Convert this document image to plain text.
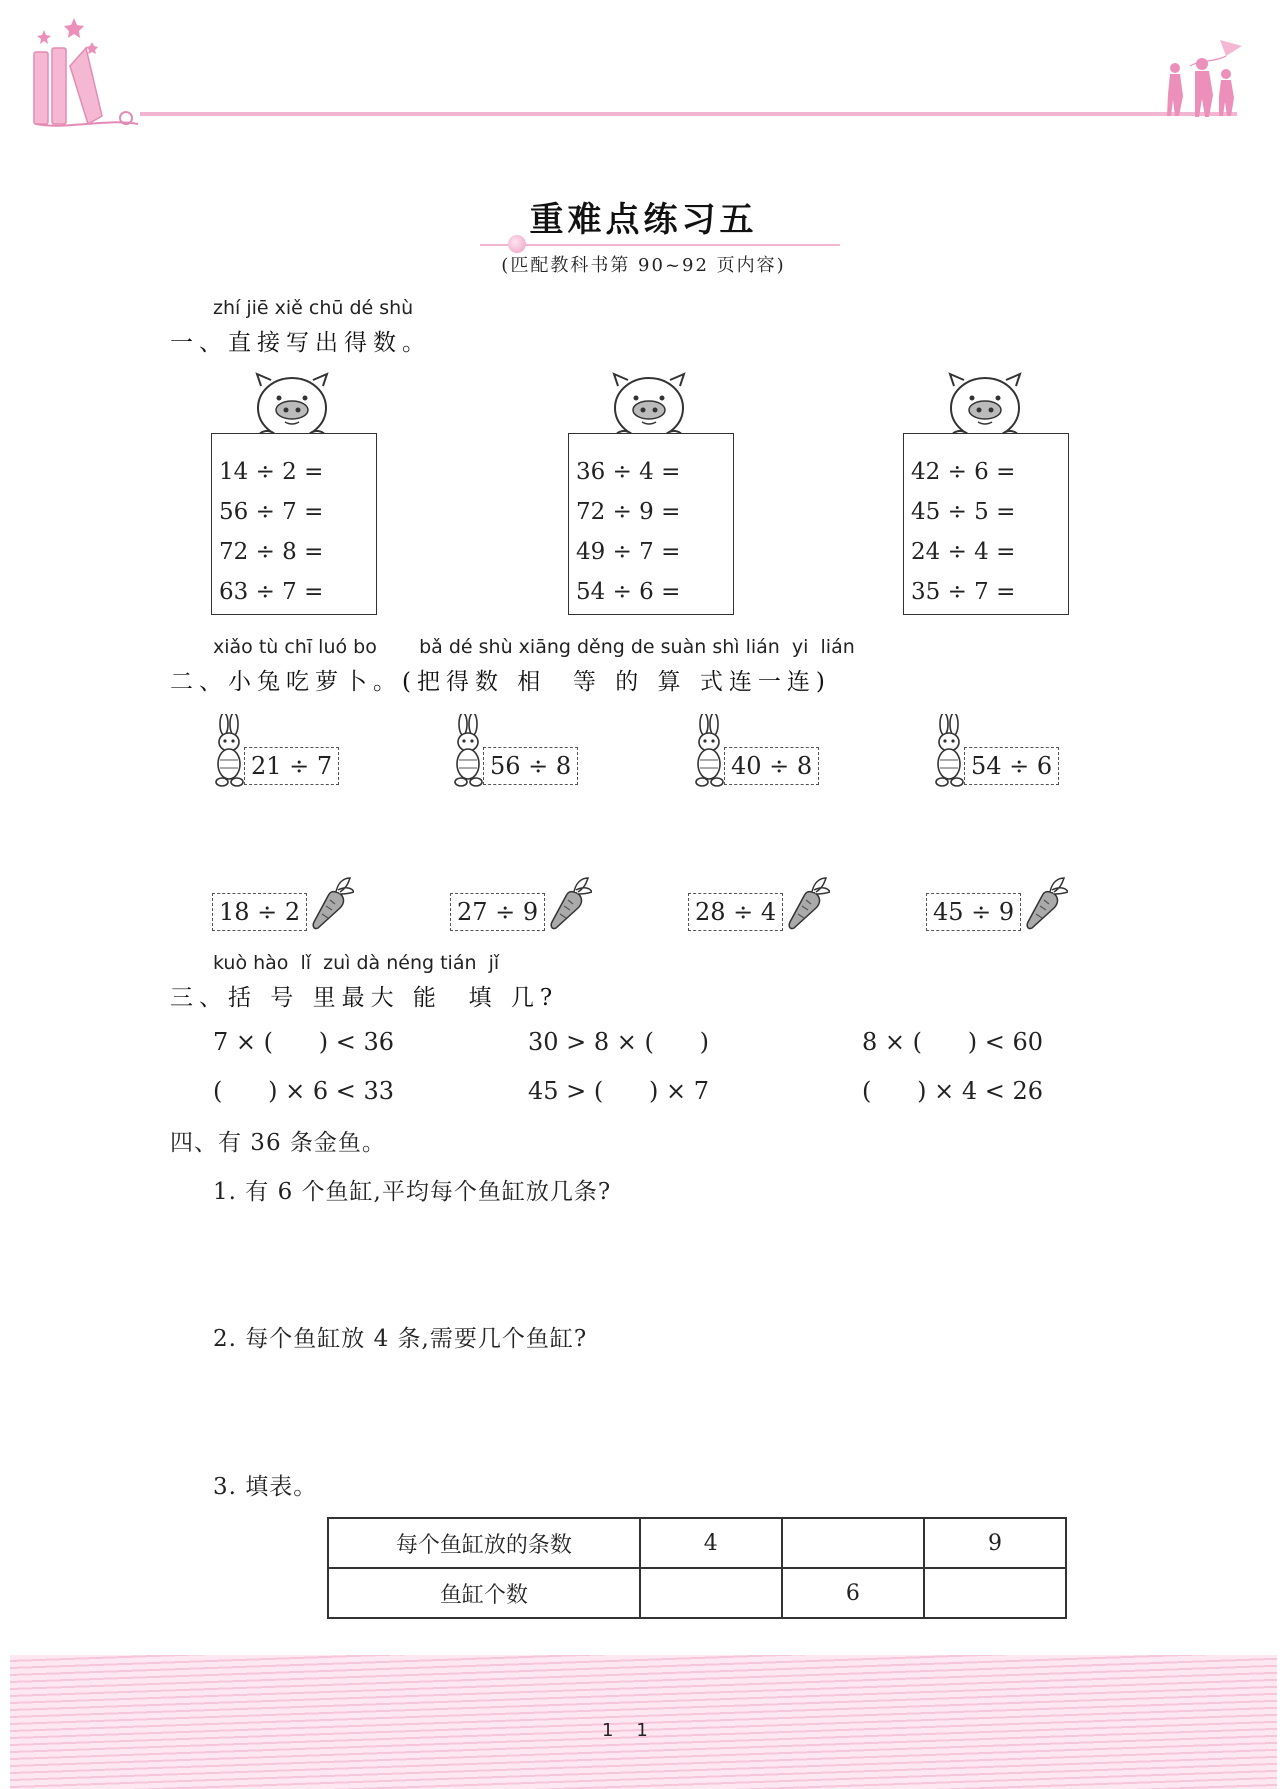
重难点练习五
(匹配教科书第 90~92 页内容)
zhí jiē xiě chū dé shù
一、直接写出得数。
14 ÷ 2 =
56 ÷ 7 =
72 ÷ 8 =
63 ÷ 7 =
36 ÷ 4 =
72 ÷ 9 =
49 ÷ 7 =
54 ÷ 6 =
42 ÷ 6 =
45 ÷ 5 =
24 ÷ 4 =
35 ÷ 7 =
xiǎo tù chī luó bo       bǎ dé shù xiāng děng de suàn shì lián  yi  lián
二、小兔吃萝卜。(把得数 相  等 的 算 式连一连)
21 ÷ 7	56 ÷ 8	40 ÷ 8	54 ÷ 6
18 ÷ 2	27 ÷ 9	28 ÷ 4	45 ÷ 9
kuò hào  lǐ  zuì dà néng tián  jǐ
三、括 号 里最大 能  填 几?
7 × (      ) < 36	30 > 8 × (      )	8 × (      ) < 60
(      ) × 6 < 33	45 > (      ) × 7	(      ) × 4 < 26
四、有 36 条金鱼。
1. 有 6 个鱼缸,平均每个鱼缸放几条?
2. 每个鱼缸放 4 条,需要几个鱼缸?
3. 填表。
每个鱼缸放的条数	4		9
鱼缸个数		6	
1    1
